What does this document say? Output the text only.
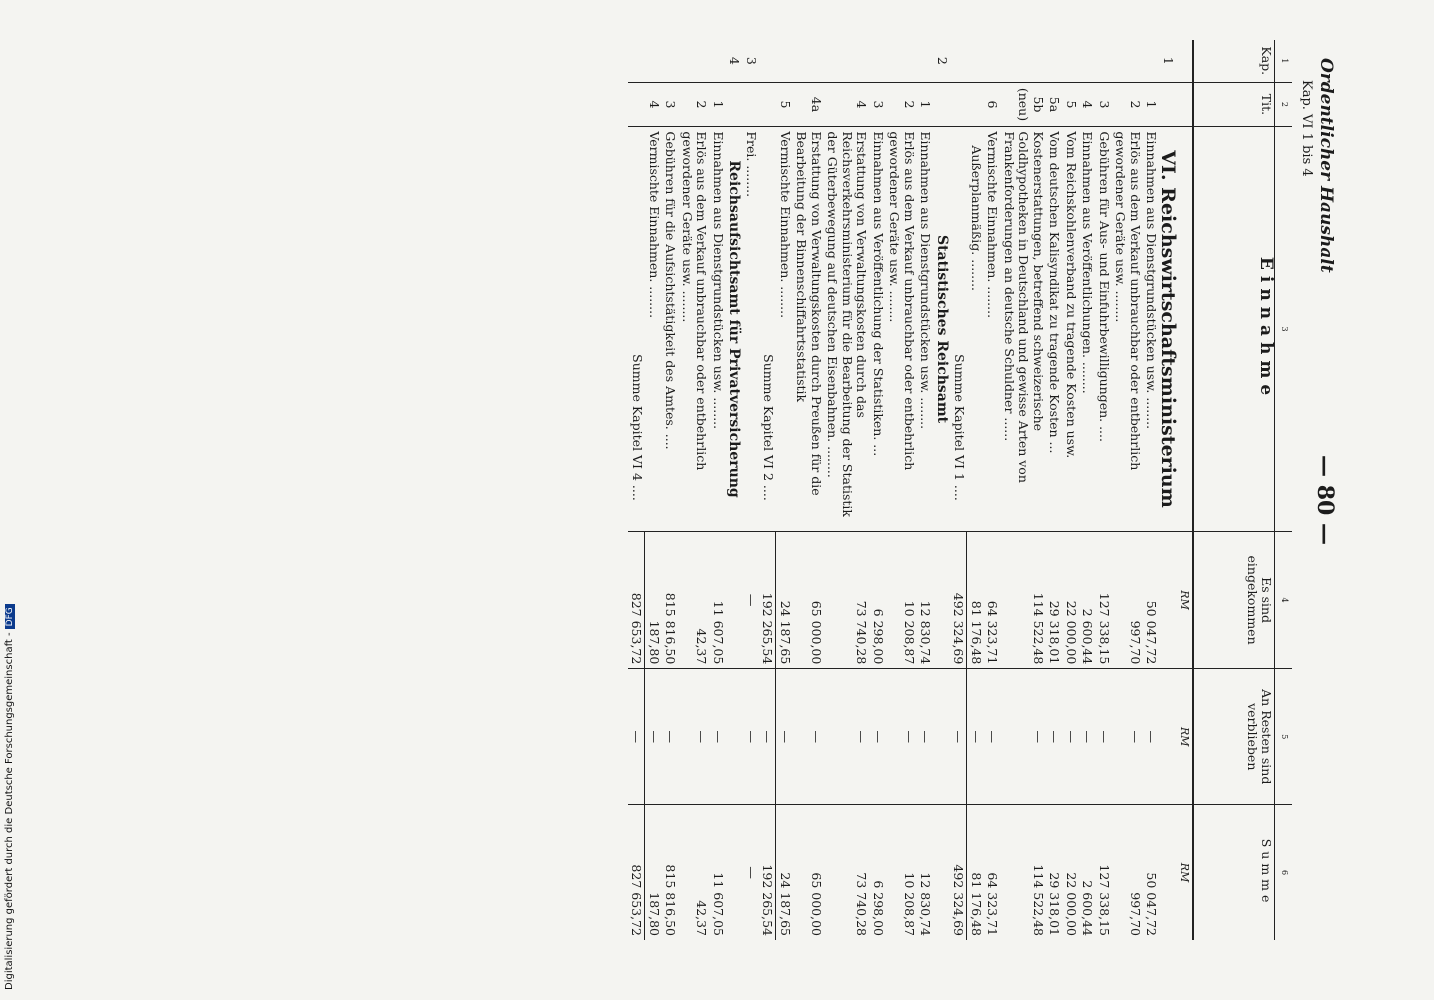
Digitalisierung gefördert durch die Deutsche Forschungsgemeinschaft -DFG
Ordentlicher Haushalt
Kap. VI 1 bis 4
— 80 —
1	2	3	4	5	6
Kap.	Tit.	Einnahme	Es sind eingekommen	An Resten sind verblieben	Summe
			RM	RM	RM
1		VI. Reichswirtschaftsministerium			
	1	Einnahmen aus Dienstgrundstücken usw. ........	50 047,72	—	50 047,72
	2	Erlös aus dem Verkauf unbrauchbar oder entbehrlich gewordener Geräte usw. ........	997,70	—	997,70
	3	Gebühren für Aus- und Einfuhrbewilligungen. ....	127 338,15	—	127 338,15
	4	Einnahmen aus Veröffentlichungen. ........	2 600,44	—	2 600,44
	5	Vom Reichskohlenverband zu tragende Kosten usw.	22 000,00	—	22 000,00
	5a	Vom deutschen Kalisyndikat zu tragende Kosten ...	29 318,01	—	29 318,01
	5b (neu)	Kostenerstattungen, betreffend schweizerische Goldhypotheken in Deutschland und gewisse Arten von Frankenforderungen an deutsche Schuldner ......	114 522,48	—	114 522,48
	6	Vermischte Einnahmen. ........	64 323,71	—	64 323,71
		Außerplanmäßig. ........	81 176,48	—	81 176,48
		Summe Kapitel VI 1 ....	492 324,69	—	492 324,69
2		Statistisches Reichsamt			
	1	Einnahmen aus Dienstgrundstücken usw. ........	12 830,74	—	12 830,74
	2	Erlös aus dem Verkauf unbrauchbar oder entbehrlich gewordener Geräte usw. ........	10 208,87	—	10 208,87
	3	Einnahmen aus Veröffentlichung der Statistiken. ...	6 298,00	—	6 298,00
	4	Erstattung von Verwaltungskosten durch das Reichsverkehrsministerium für die Bearbeitung der Statistik der Güterbewegung auf deutschen Eisenbahnen. ........	73 740,28	—	73 740,28
	4a	Erstattung von Verwaltungskosten durch Preußen für die Bearbeitung der Binnenschiffahrtsstatistik	65 000,00	—	65 000,00
	5	Vermischte Einnahmen. ........	24 187,65	—	24 187,65
		Summe Kapitel VI 2 ....	192 265,54	—	192 265,54
3		Frei. ........	—	—	—
4		Reichsaufsichtsamt für Privatversicherung			
	1	Einnahmen aus Dienstgrundstücken usw. ........	11 607,05	—	11 607,05
	2	Erlös aus dem Verkauf unbrauchbar oder entbehrlich gewordener Geräte usw. ........	42,37	—	42,37
	3	Gebühren für die Aufsichtstätigkeit des Amtes. ....	815 816,50	—	815 816,50
	4	Vermischte Einnahmen. ........	187,80	—	187,80
		Summe Kapitel VI 4 ....	827 653,72	—	827 653,72
